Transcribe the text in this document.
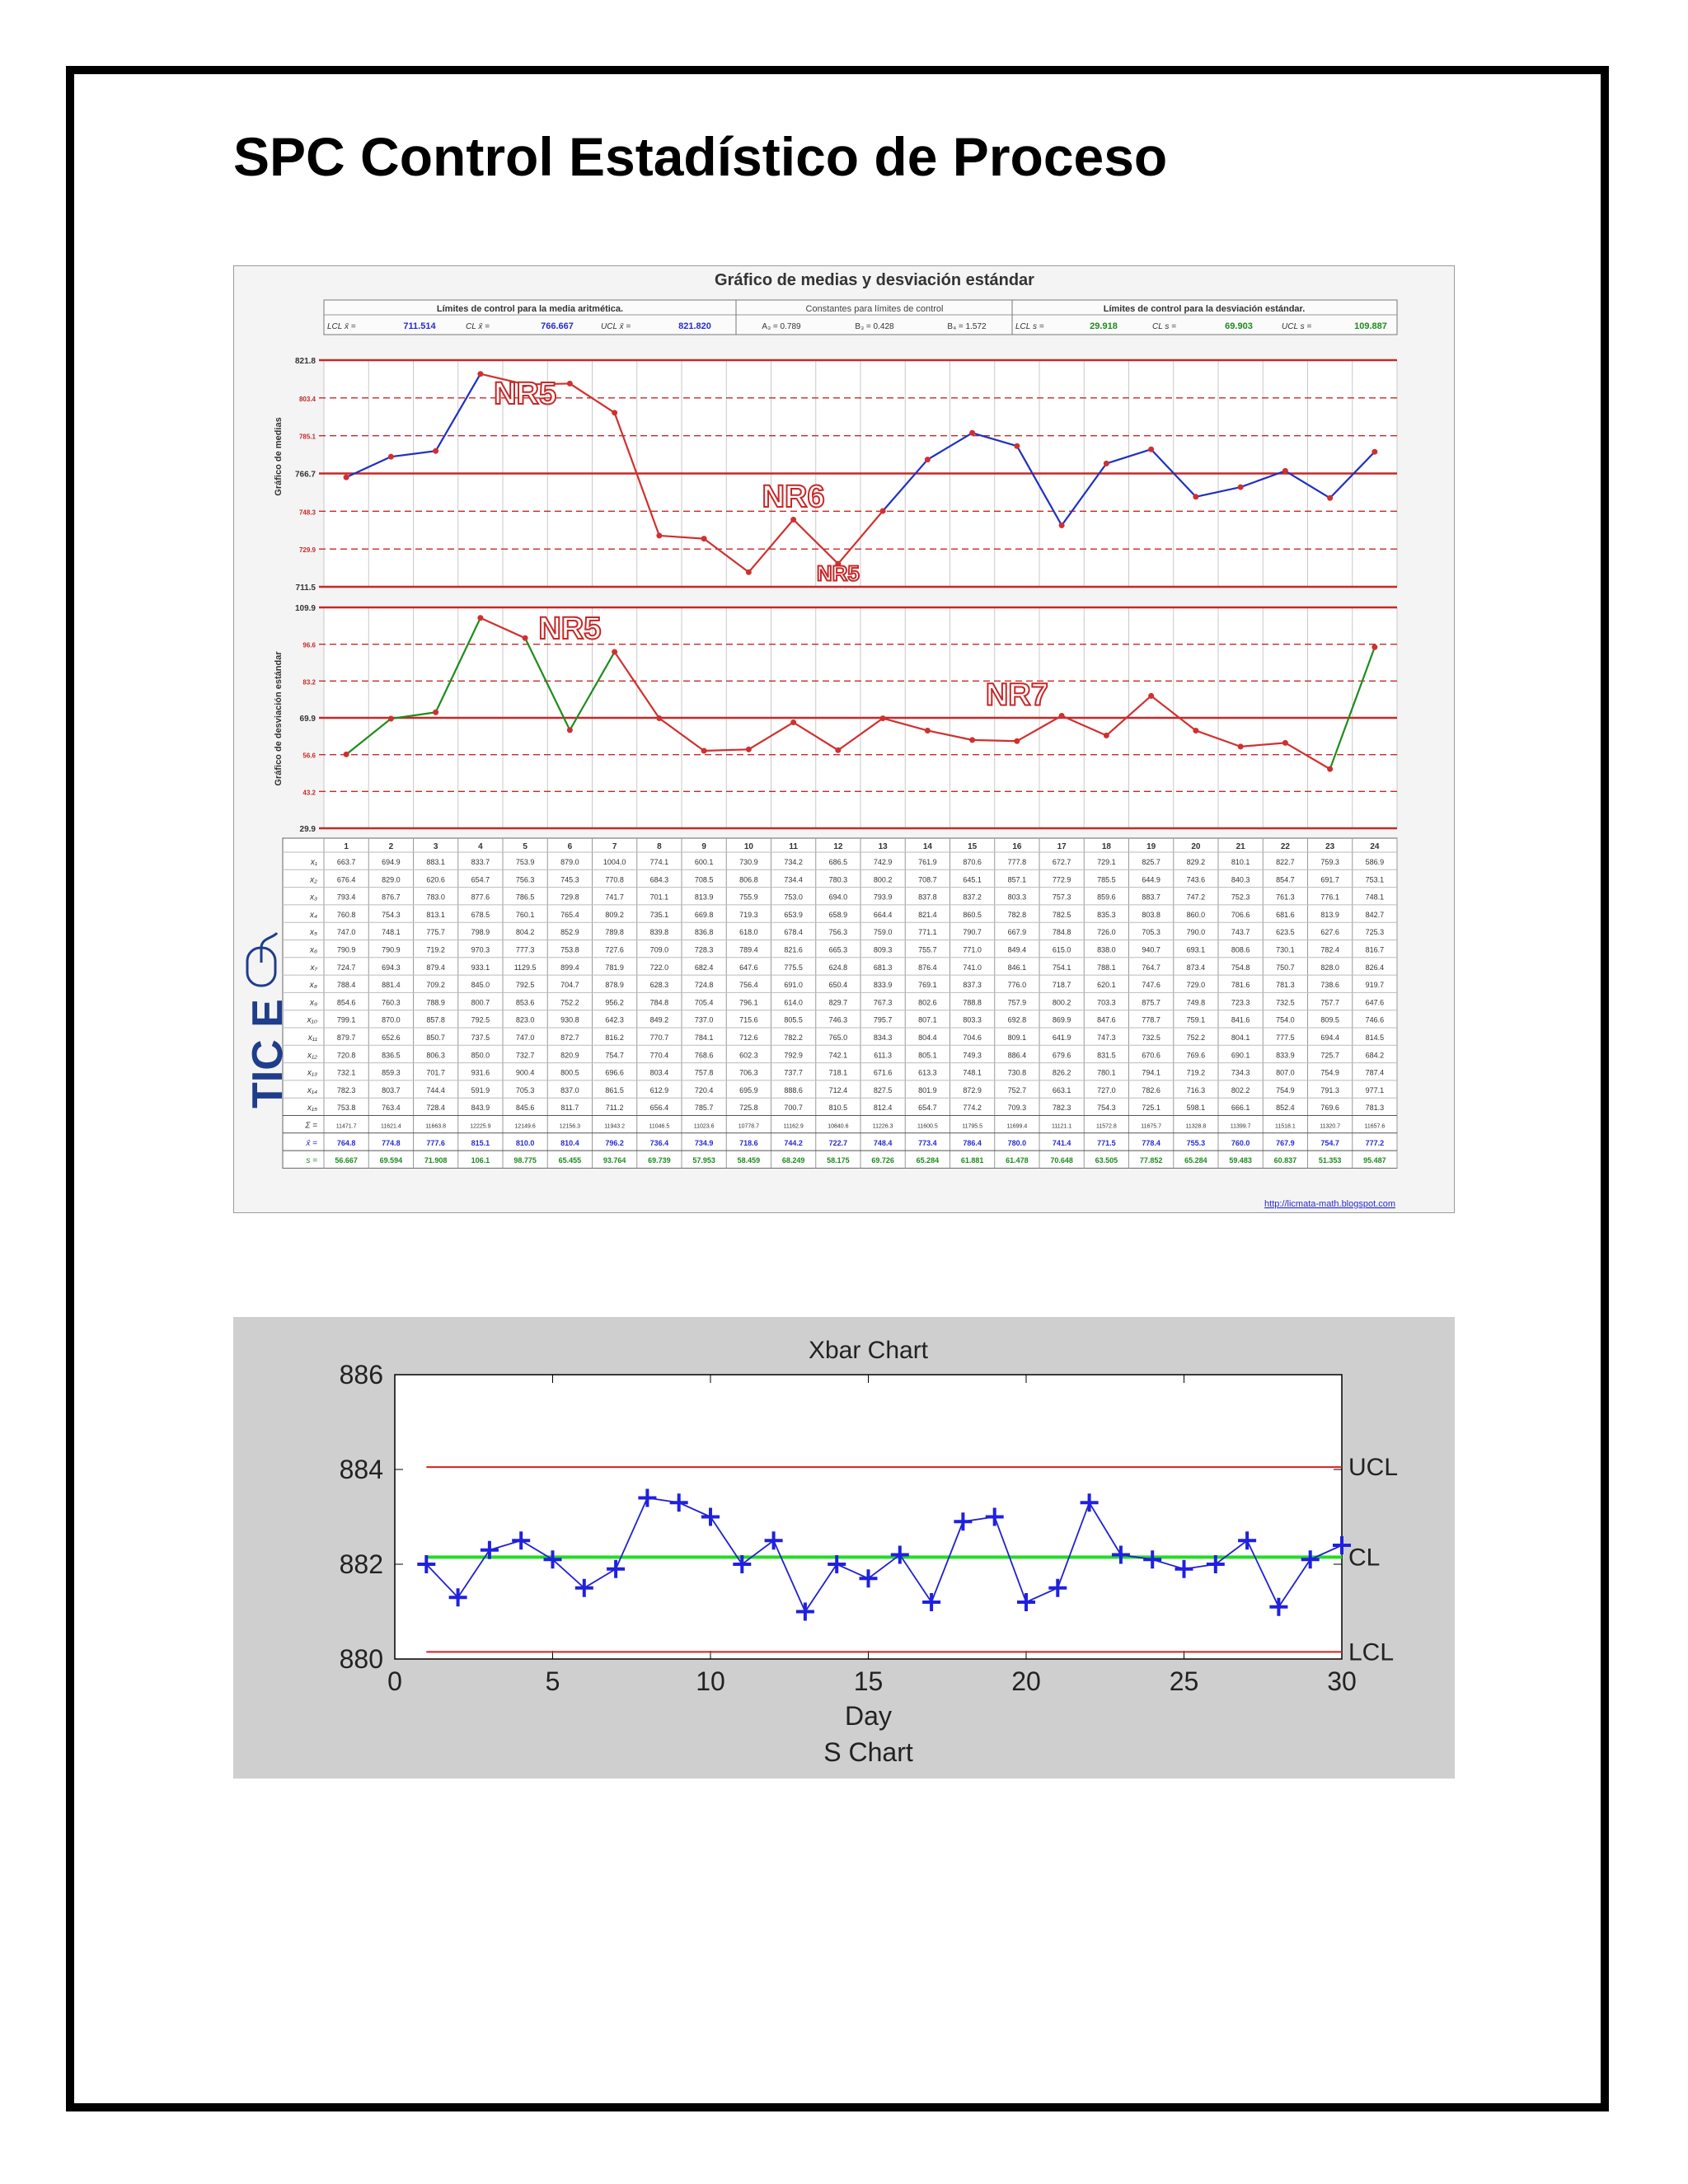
SPC Control Estadístico de Proceso
Gráfico de medias y desviación estándar
Límites de control para la media aritmética.	Constantes para límites de control	Límites de control para la desviación estándar.
LCL x̄ =	711.514	CL x̄ =	766.667	UCL x̄ =	821.820	A₃ = 0.789	B₃ = 0.428	B₄ = 1.572	LCL s =	29.918	CL s =	69.903	UCL s =	109.887
Gráfico de medias
Gráfico de desviación estándar
821.8
803.4
785.1
766.7
748.3
729.9
711.5
NR5
NR6
NR5
109.9
96.6
83.2
69.9
56.6
43.2
29.9
NR5
NR7
1	2	3	4	5	6	7	8	9	10	11	12	13	14	15	16	17	18	19	20	21	22	23	24
x₁	663.7	694.9	883.1	833.7	753.9	879.0	1004.0	774.1	600.1	730.9	734.2	686.5	742.9	761.9	870.6	777.8	672.7	729.1	825.7	829.2	810.1	822.7	759.3	586.9
x₂	676.4	829.0	620.6	654.7	756.3	745.3	770.8	684.3	708.5	806.8	734.4	780.3	800.2	708.7	645.1	857.1	772.9	785.5	644.9	743.6	840.3	854.7	691.7	753.1
x₃	793.4	876.7	783.0	877.6	786.5	729.8	741.7	701.1	813.9	755.9	753.0	694.0	793.9	837.8	837.2	803.3	757.3	859.6	883.7	747.2	752.3	761.3	776.1	748.1
x₄	760.8	754.3	813.1	678.5	760.1	765.4	809.2	735.1	669.8	719.3	653.9	658.9	664.4	821.4	860.5	782.8	782.5	835.3	803.8	860.0	706.6	681.6	813.9	842.7
x₅	747.0	748.1	775.7	798.9	804.2	852.9	789.8	839.8	836.8	618.0	678.4	756.3	759.0	771.1	790.7	667.9	784.8	726.0	705.3	790.0	743.7	623.5	627.6	725.3
x₆	790.9	790.9	719.2	970.3	777.3	753.8	727.6	709.0	728.3	789.4	821.6	665.3	809.3	755.7	771.0	849.4	615.0	838.0	940.7	693.1	808.6	730.1	782.4	816.7
x₇	724.7	694.3	879.4	933.1	1129.5	899.4	781.9	722.0	682.4	647.6	775.5	624.8	681.3	876.4	741.0	846.1	754.1	788.1	764.7	873.4	754.8	750.7	828.0	826.4
x₈	788.4	881.4	709.2	845.0	792.5	704.7	878.9	628.3	724.8	756.4	691.0	650.4	833.9	769.1	837.3	776.0	718.7	620.1	747.6	729.0	781.6	781.3	738.6	919.7
x₉	854.6	760.3	788.9	800.7	853.6	752.2	956.2	784.8	705.4	796.1	614.0	829.7	767.3	802.6	788.8	757.9	800.2	703.3	875.7	749.8	723.3	732.5	757.7	647.6
x₁₀	799.1	870.0	857.8	792.5	823.0	930.8	642.3	849.2	737.0	715.6	805.5	746.3	795.7	807.1	803.3	692.8	869.9	847.6	778.7	759.1	841.6	754.0	809.5	746.6
x₁₁	879.7	652.6	850.7	737.5	747.0	872.7	816.2	770.7	784.1	712.6	782.2	765.0	834.3	804.4	704.6	809.1	641.9	747.3	732.5	752.2	804.1	777.5	694.4	814.5
x₁₂	720.8	836.5	806.3	850.0	732.7	820.9	754.7	770.4	768.6	602.3	792.9	742.1	611.3	805.1	749.3	886.4	679.6	831.5	670.6	769.6	690.1	833.9	725.7	684.2
x₁₃	732.1	859.3	701.7	931.6	900.4	800.5	696.6	803.4	757.8	706.3	737.7	718.1	671.6	613.3	748.1	730.8	826.2	780.1	794.1	719.2	734.3	807.0	754.9	787.4
x₁₄	782.3	803.7	744.4	591.9	705.3	837.0	861.5	612.9	720.4	695.9	888.6	712.4	827.5	801.9	872.9	752.7	663.1	727.0	782.6	716.3	802.2	754.9	791.3	977.1
x₁₅	753.8	763.4	728.4	843.9	845.6	811.7	711.2	656.4	785.7	725.8	700.7	810.5	812.4	654.7	774.2	709.3	782.3	754.3	725.1	598.1	666.1	852.4	769.6	781.3
Σ =	11471.7	11621.4	11663.8	12225.9	12149.6	12156.3	11943.2	11046.5	11023.6	10778.7	11162.9	10840.6	11226.3	11600.5	11795.5	11699.4	11121.1	11572.8	11675.7	11328.8	11399.7	11518.1	11320.7	11657.6
x̄ =	764.8	774.8	777.6	815.1	810.0	810.4	796.2	736.4	734.9	718.6	744.2	722.7	748.4	773.4	786.4	780.0	741.4	771.5	778.4	755.3	760.0	767.9	754.7	777.2
s = 56.667	69.594	71.908	106.1	98.775	65.455	93.764	69.739	57.953	58.459	68.249	58.175	69.726	65.284	61.881	61.478	70.648	63.505	77.852	65.284	59.483	60.837	51.353	95.487
http://licmata-math.blogspot.com
TIC E
Xbar Chart
0	5	10	15	20	25	30
880
882
884
886
UCL
CL
LCL
Day
S Chart
